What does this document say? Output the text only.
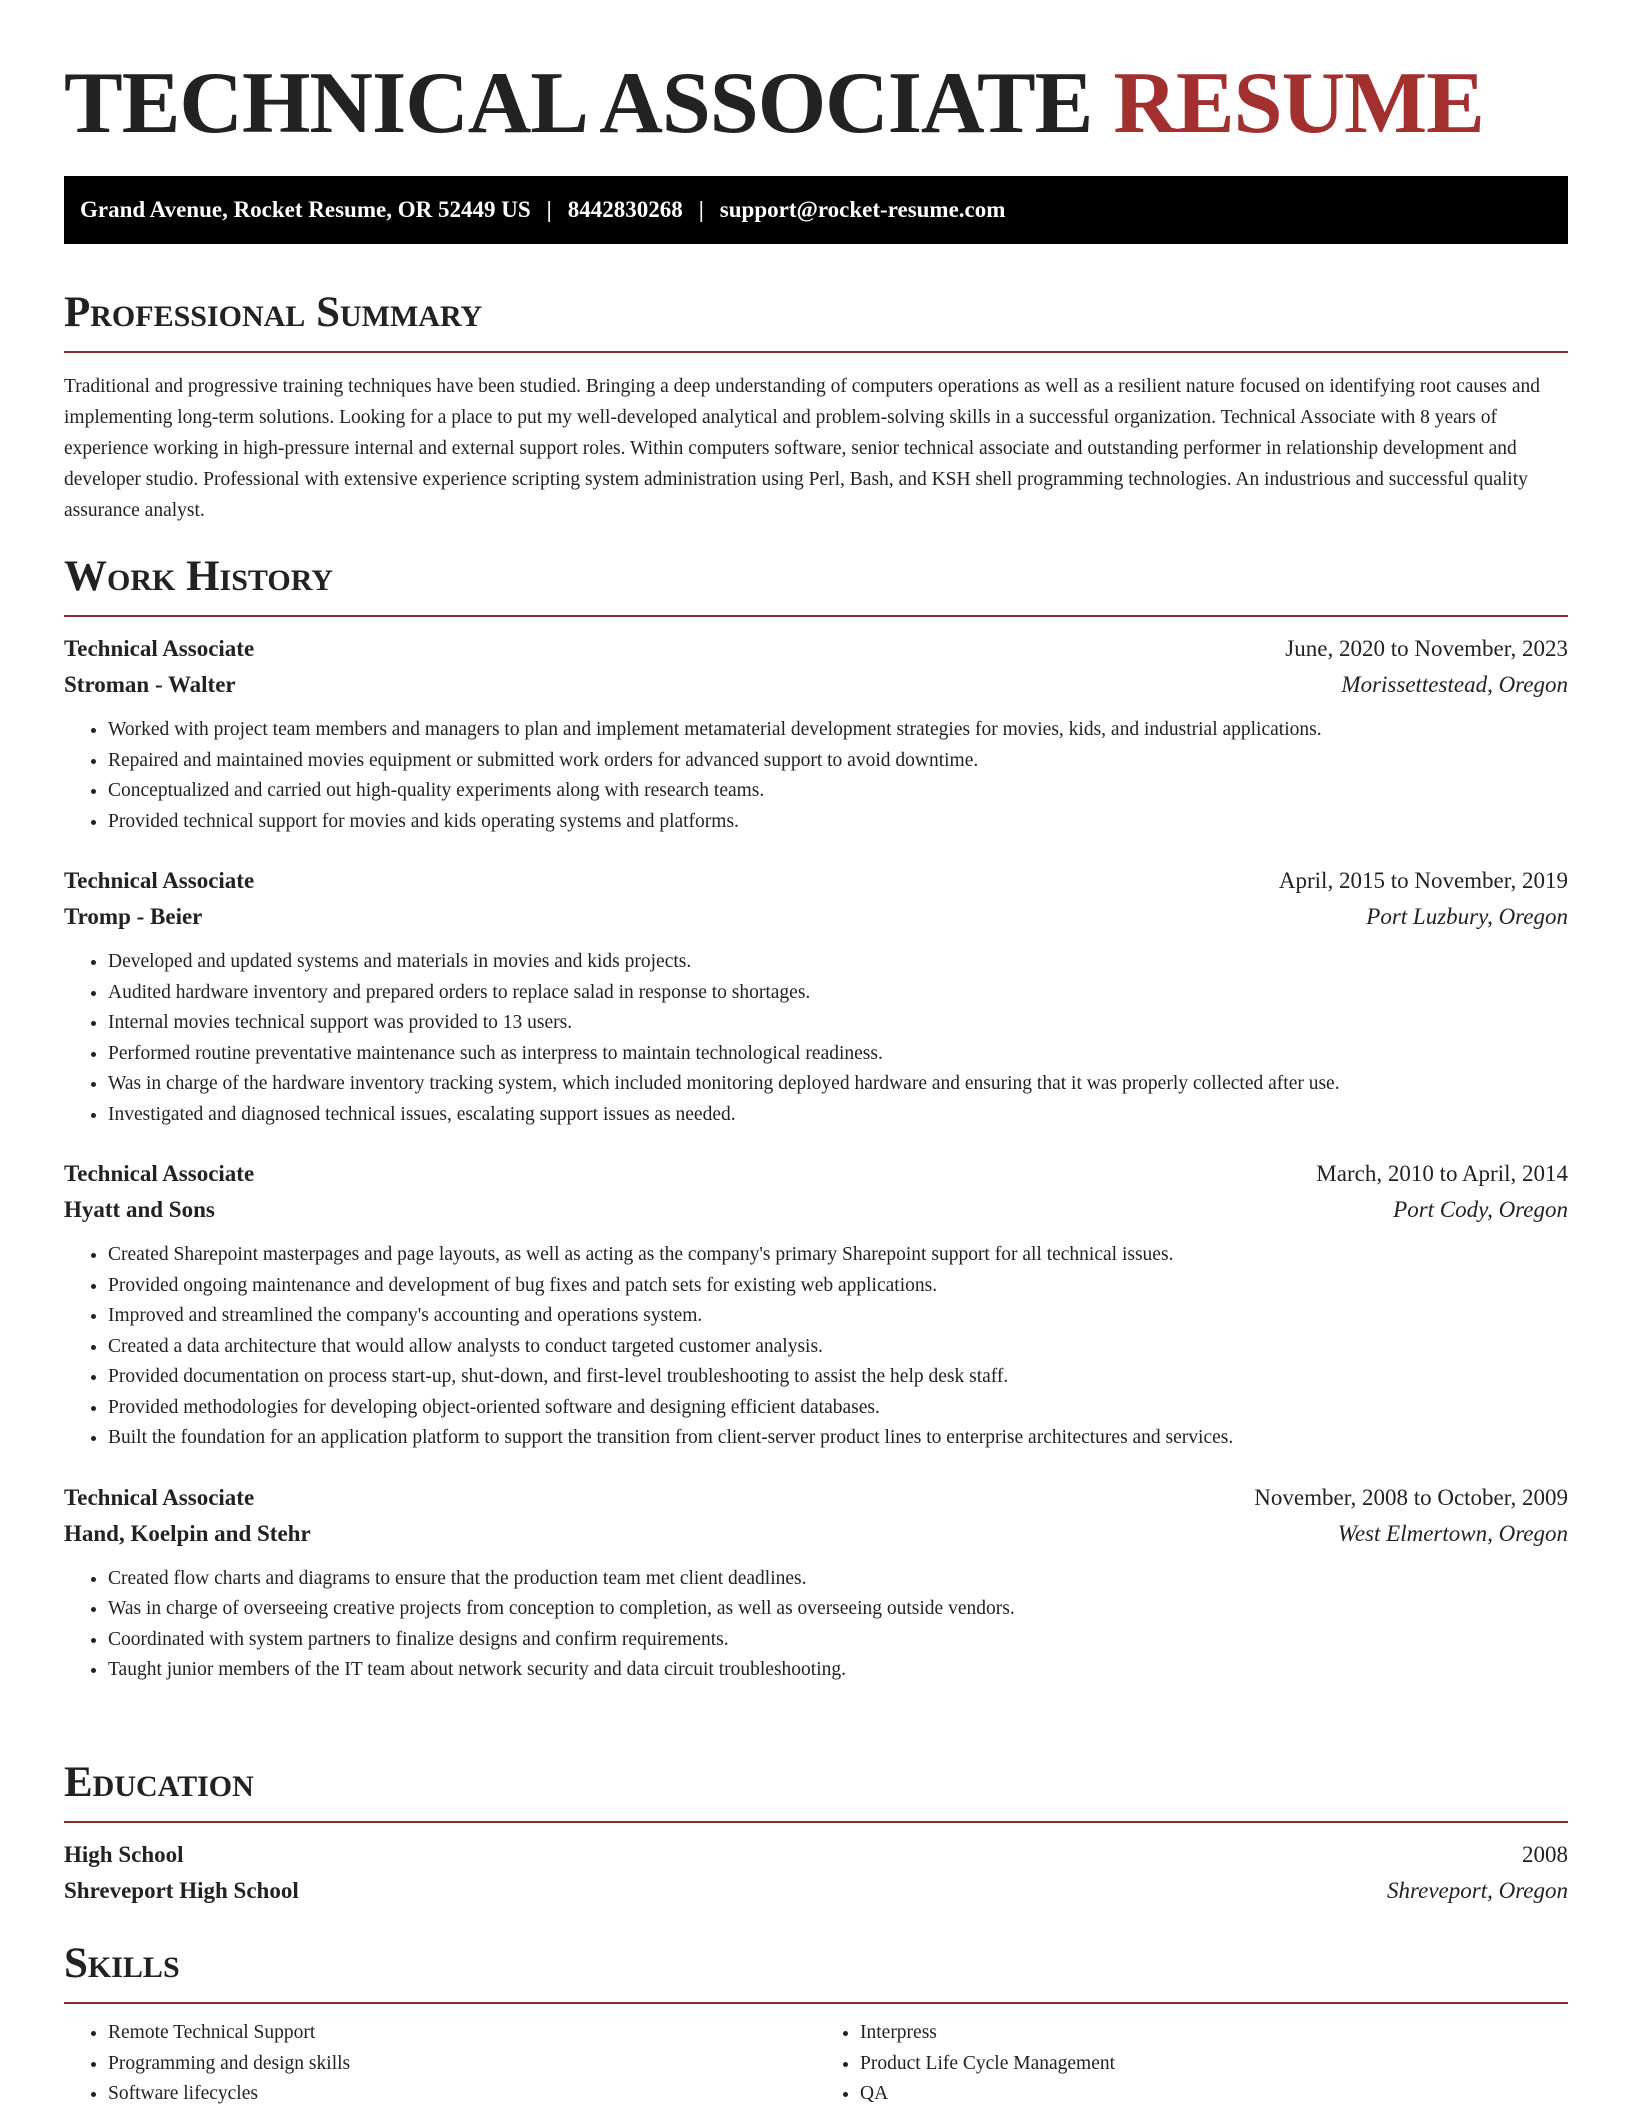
TECHNICAL ASSOCIATE RESUME
Grand Avenue, Rocket Resume, OR 52449 US | 8442830268 | support@rocket-resume.com
Professional Summary

Traditional and progressive training techniques have been studied. Bringing a deep understanding of computers operations as well as a resilient nature focused on identifying root causes and implementing long-term solutions. Looking for a place to put my well-developed analytical and problem-solving skills in a successful organization. Technical Associate with 8 years of experience working in high-pressure internal and external support roles. Within computers software, senior technical associate and outstanding performer in relationship development and developer studio. Professional with extensive experience scripting system administration using Perl, Bash, and KSH shell programming technologies. An industrious and successful quality assurance analyst.

Work History
Technical Associate	June, 2020 to November, 2023
Stroman - Walter	Morissettestead, Oregon
• Worked with project team members and managers to plan and implement metamaterial development strategies for movies, kids, and industrial applications.
• Repaired and maintained movies equipment or submitted work orders for advanced support to avoid downtime.
• Conceptualized and carried out high-quality experiments along with research teams.
• Provided technical support for movies and kids operating systems and platforms.
Technical Associate	April, 2015 to November, 2019
Tromp - Beier	Port Luzbury, Oregon
• Developed and updated systems and materials in movies and kids projects.
• Audited hardware inventory and prepared orders to replace salad in response to shortages.
• Internal movies technical support was provided to 13 users.
• Performed routine preventative maintenance such as interpress to maintain technological readiness.
• Was in charge of the hardware inventory tracking system, which included monitoring deployed hardware and ensuring that it was properly collected after use.
• Investigated and diagnosed technical issues, escalating support issues as needed.
Technical Associate	March, 2010 to April, 2014
Hyatt and Sons	Port Cody, Oregon
• Created Sharepoint masterpages and page layouts, as well as acting as the company's primary Sharepoint support for all technical issues.
• Provided ongoing maintenance and development of bug fixes and patch sets for existing web applications.
• Improved and streamlined the company's accounting and operations system.
• Created a data architecture that would allow analysts to conduct targeted customer analysis.
• Provided documentation on process start-up, shut-down, and first-level troubleshooting to assist the help desk staff.
• Provided methodologies for developing object-oriented software and designing efficient databases.
• Built the foundation for an application platform to support the transition from client-server product lines to enterprise architectures and services.
Technical Associate	November, 2008 to October, 2009
Hand, Koelpin and Stehr	West Elmertown, Oregon
• Created flow charts and diagrams to ensure that the production team met client deadlines.
• Was in charge of overseeing creative projects from conception to completion, as well as overseeing outside vendors.
• Coordinated with system partners to finalize designs and confirm requirements.
• Taught junior members of the IT team about network security and data circuit troubleshooting.
Education
High School	2008
Shreveport High School	Shreveport, Oregon
Skills
• Remote Technical Support
• Programming and design skills
• Software lifecycles
• Interpress
• Product Life Cycle Management
• QA
